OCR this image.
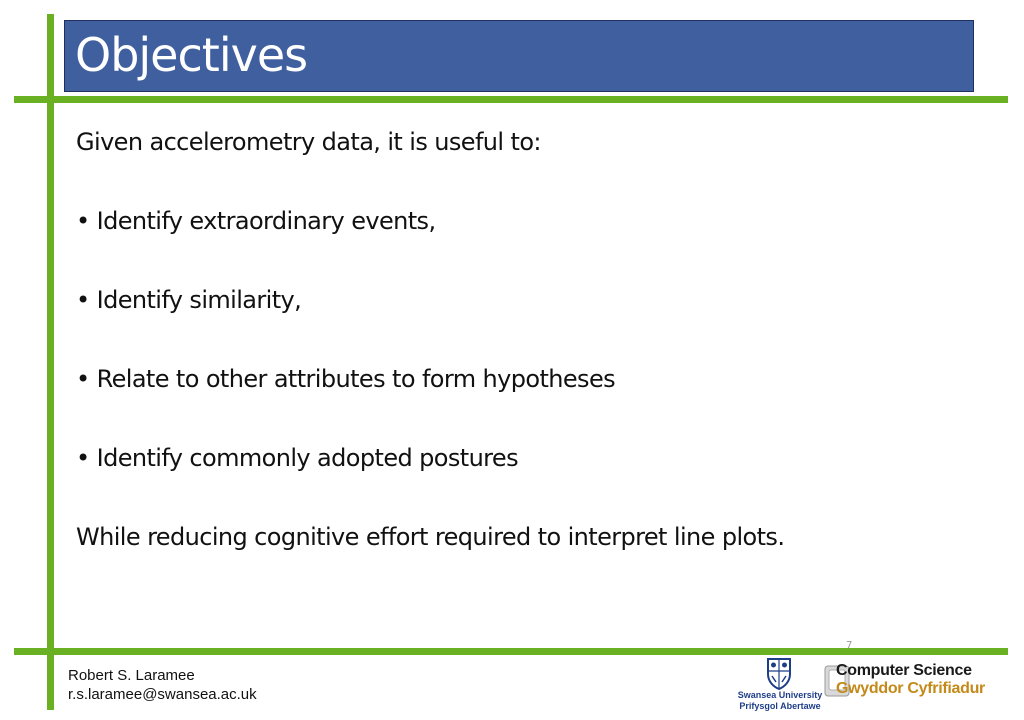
Objectives

Given accelerometry data, it is useful to:

• Identify extraordinary events,

• Identify similarity,

• Relate to other attributes to form hypotheses

• Identify commonly adopted postures

While reducing cognitive effort required to interpret line plots.

7
Robert S. Laramee
r.s.laramee@swansea.ac.uk	Swansea University
Prifysgol Abertawe
Computer Science
Gwyddor Cyfrifiadur
